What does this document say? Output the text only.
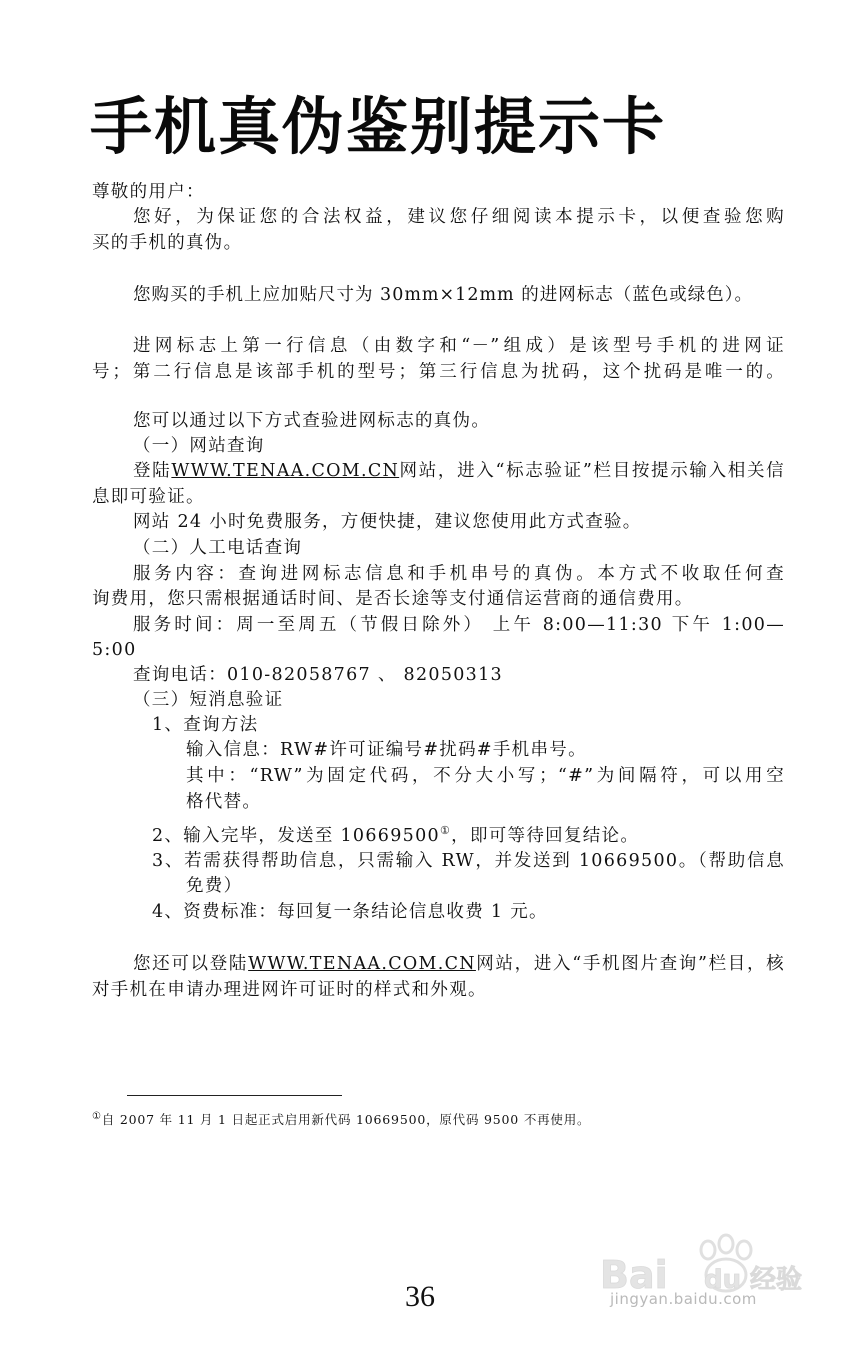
手机真伪鉴别提示卡
尊敬的用户：
您好，为保证您的合法权益，建议您仔细阅读本提示卡，以便查验您购
买的手机的真伪。
您购买的手机上应加贴尺寸为 30mm×12mm 的进网标志（蓝色或绿色）。
进网标志上第一行信息（由数字和“－”组成）是该型号手机的进网证
号；第二行信息是该部手机的型号；第三行信息为扰码，这个扰码是唯一的。
您可以通过以下方式查验进网标志的真伪。
（一）网站查询
登陆WWW.TENAA.COM.CN网站，进入“标志验证”栏目按提示输入相关信
息即可验证。
网站 24 小时免费服务，方便快捷，建议您使用此方式查验。
（二）人工电话查询
服务内容：查询进网标志信息和手机串号的真伪。本方式不收取任何查
询费用，您只需根据通话时间、是否长途等支付通信运营商的通信费用。
服务时间：周一至周五（节假日除外） 上午 8:00—11:30 下午 1:00—
5:00
查询电话：010-82058767 、 82050313
（三）短消息验证
1、查询方法
输入信息：RW#许可证编号#扰码#手机串号。
其中：“RW”为固定代码，不分大小写；“#”为间隔符，可以用空
格代替。
2、输入完毕，发送至 10669500①，即可等待回复结论。
3、若需获得帮助信息，只需输入 RW，并发送到 10669500。（帮助信息
免费）
4、资费标准：每回复一条结论信息收费 1 元。
您还可以登陆WWW.TENAA.COM.CN网站，进入“手机图片查询”栏目，核
对手机在申请办理进网许可证时的样式和外观。
①自 2007 年 11 月 1 日起正式启用新代码 10669500，原代码 9500 不再使用。
36	Bai du 经验
jingyan.baidu.com
